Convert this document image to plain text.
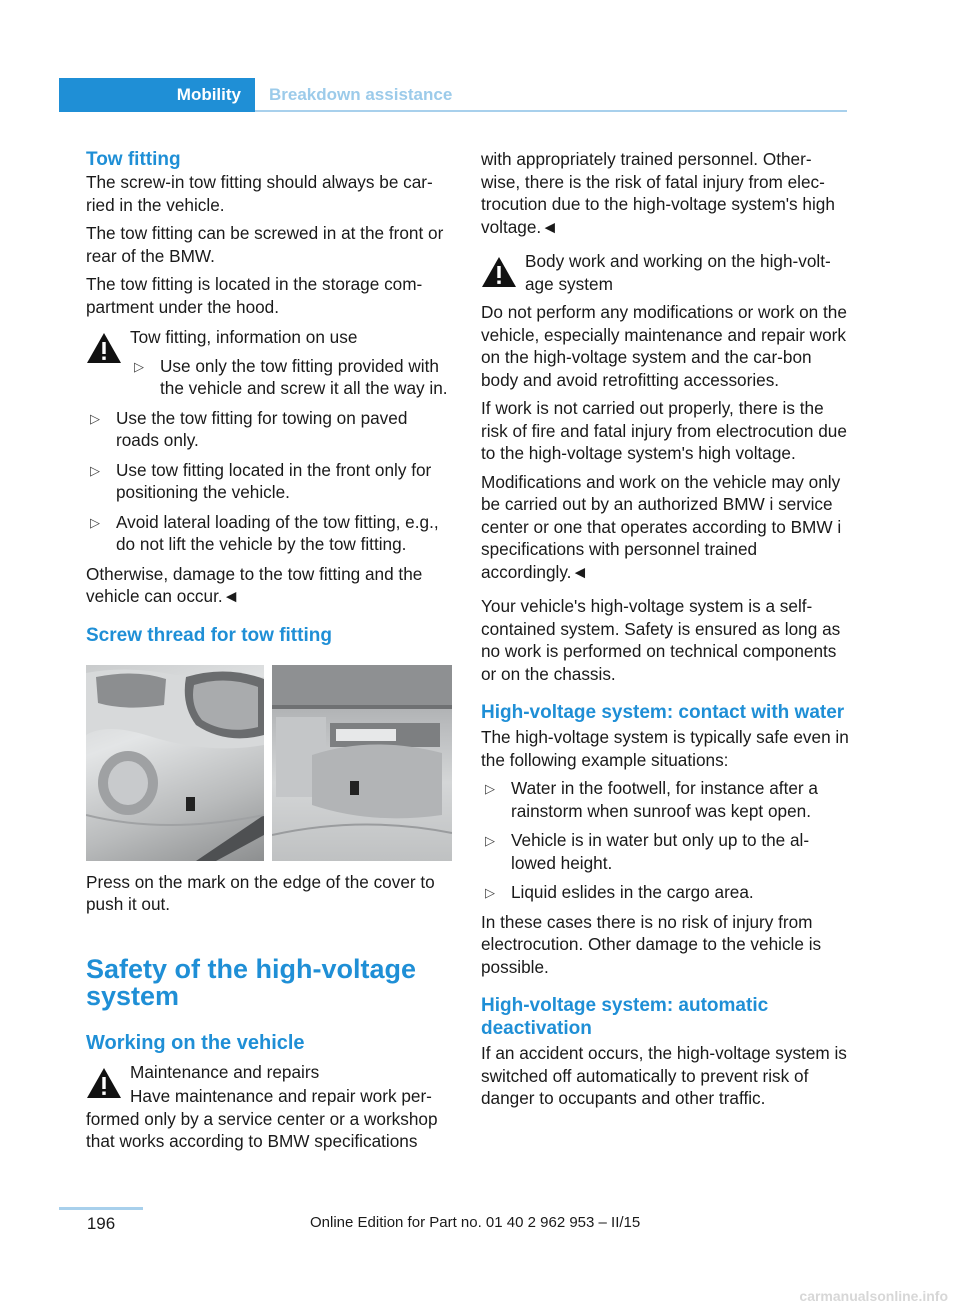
Mobility Breakdown assistance
Tow fitting

The screw-in tow fitting should always be car-ried in the vehicle.

The tow fitting can be screwed in at the front or rear of the BMW.

The tow fitting is located in the storage com-partment under the hood.

Tow fitting, information on use
▷ Use only the tow fitting provided with the vehicle and screw it all the way in.
▷ Use the tow fitting for towing on paved roads only.
▷ Use tow fitting located in the front only for positioning the vehicle.
▷ Avoid lateral loading of the tow fitting, e.g., do not lift the vehicle by the tow fitting.

Otherwise, damage to the tow fitting and the vehicle can occur.◄

Screw thread for tow fitting

Press on the mark on the edge of the cover to push it out.

Safety of the high-voltage system
Working on the vehicle
Maintenance and repairs

Have maintenance and repair work per-formed only by a service center or a workshop that works according to BMW specifications

with appropriately trained personnel. Other-wise, there is the risk of fatal injury from elec-trocution due to the high-voltage system's high voltage.◄

Body work and working on the high-volt-age system

Do not perform any modifications or work on the vehicle, especially maintenance and repair work on the high-voltage system and the car-bon body and avoid retrofitting accessories.

If work is not carried out properly, there is the risk of fire and fatal injury from electrocution due to the high-voltage system's high voltage.

Modifications and work on the vehicle may only be carried out by an authorized BMW i service center or one that operates according to BMW i specifications with personnel trained accordingly.◄

Your vehicle's high-voltage system is a self-contained system. Safety is ensured as long as no work is performed on technical components or on the chassis.

High-voltage system: contact with water

The high-voltage system is typically safe even in the following example situations:

▷ Water in the footwell, for instance after a rainstorm when sunroof was kept open.
▷ Vehicle is in water but only up to the al-lowed height.
▷ Liquid eslides in the cargo area.

In these cases there is no risk of injury from electrocution. Other damage to the vehicle is possible.

High-voltage system: automatic deactivation

If an accident occurs, the high-voltage system is switched off automatically to prevent risk of danger to occupants and other traffic.

196	Online Edition for Part no. 01 40 2 962 953 – II/15
carmanualsonline.info
